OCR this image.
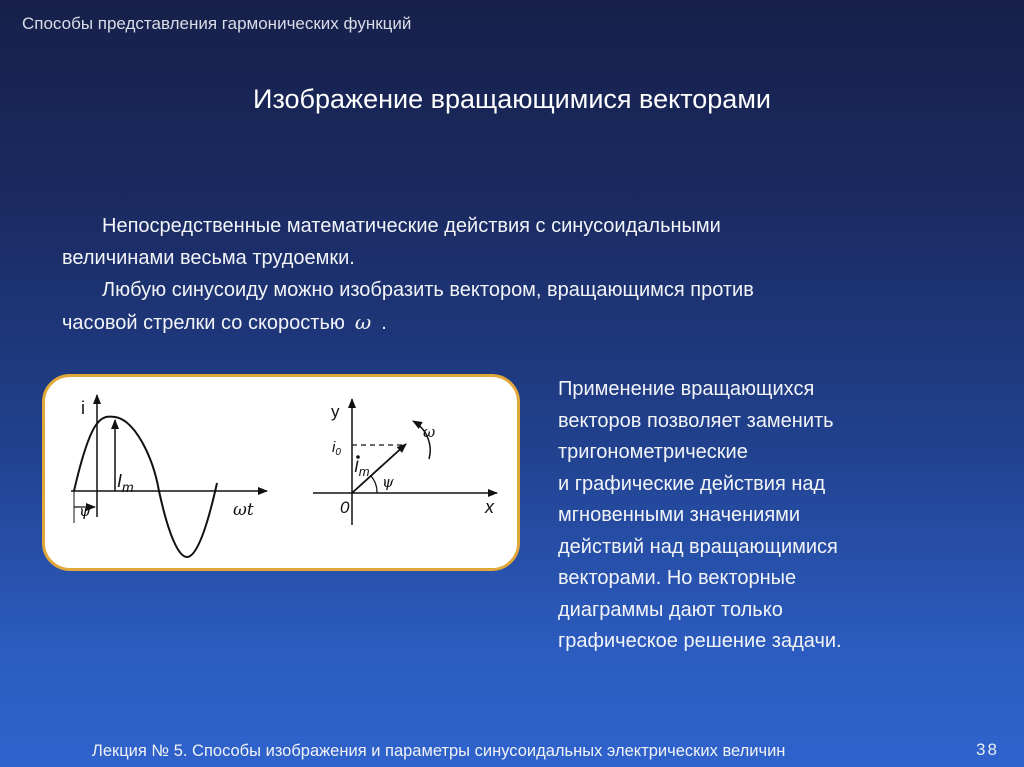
Способы представления гармонических функций
Изображение вращающимися векторами
Непосредственные математические действия с синусоидальными
величинами весьма трудоемки.
Любую синусоиду можно изобразить вектором, вращающимся против
часовой стрелки со скоростью ω .
i
$I_m$
ψ	ωt
y
x
0
$i_0$
$I_m$
ψ
ω
Применение вращающихся
векторов позволяет заменить
тригонометрические
и графические действия над
мгновенными значениями
действий над вращающимися
векторами. Но векторные
диаграммы дают только
графическое решение задачи.
Лекция № 5. Способы изображения и параметры синусоидальных электрических величин	38
